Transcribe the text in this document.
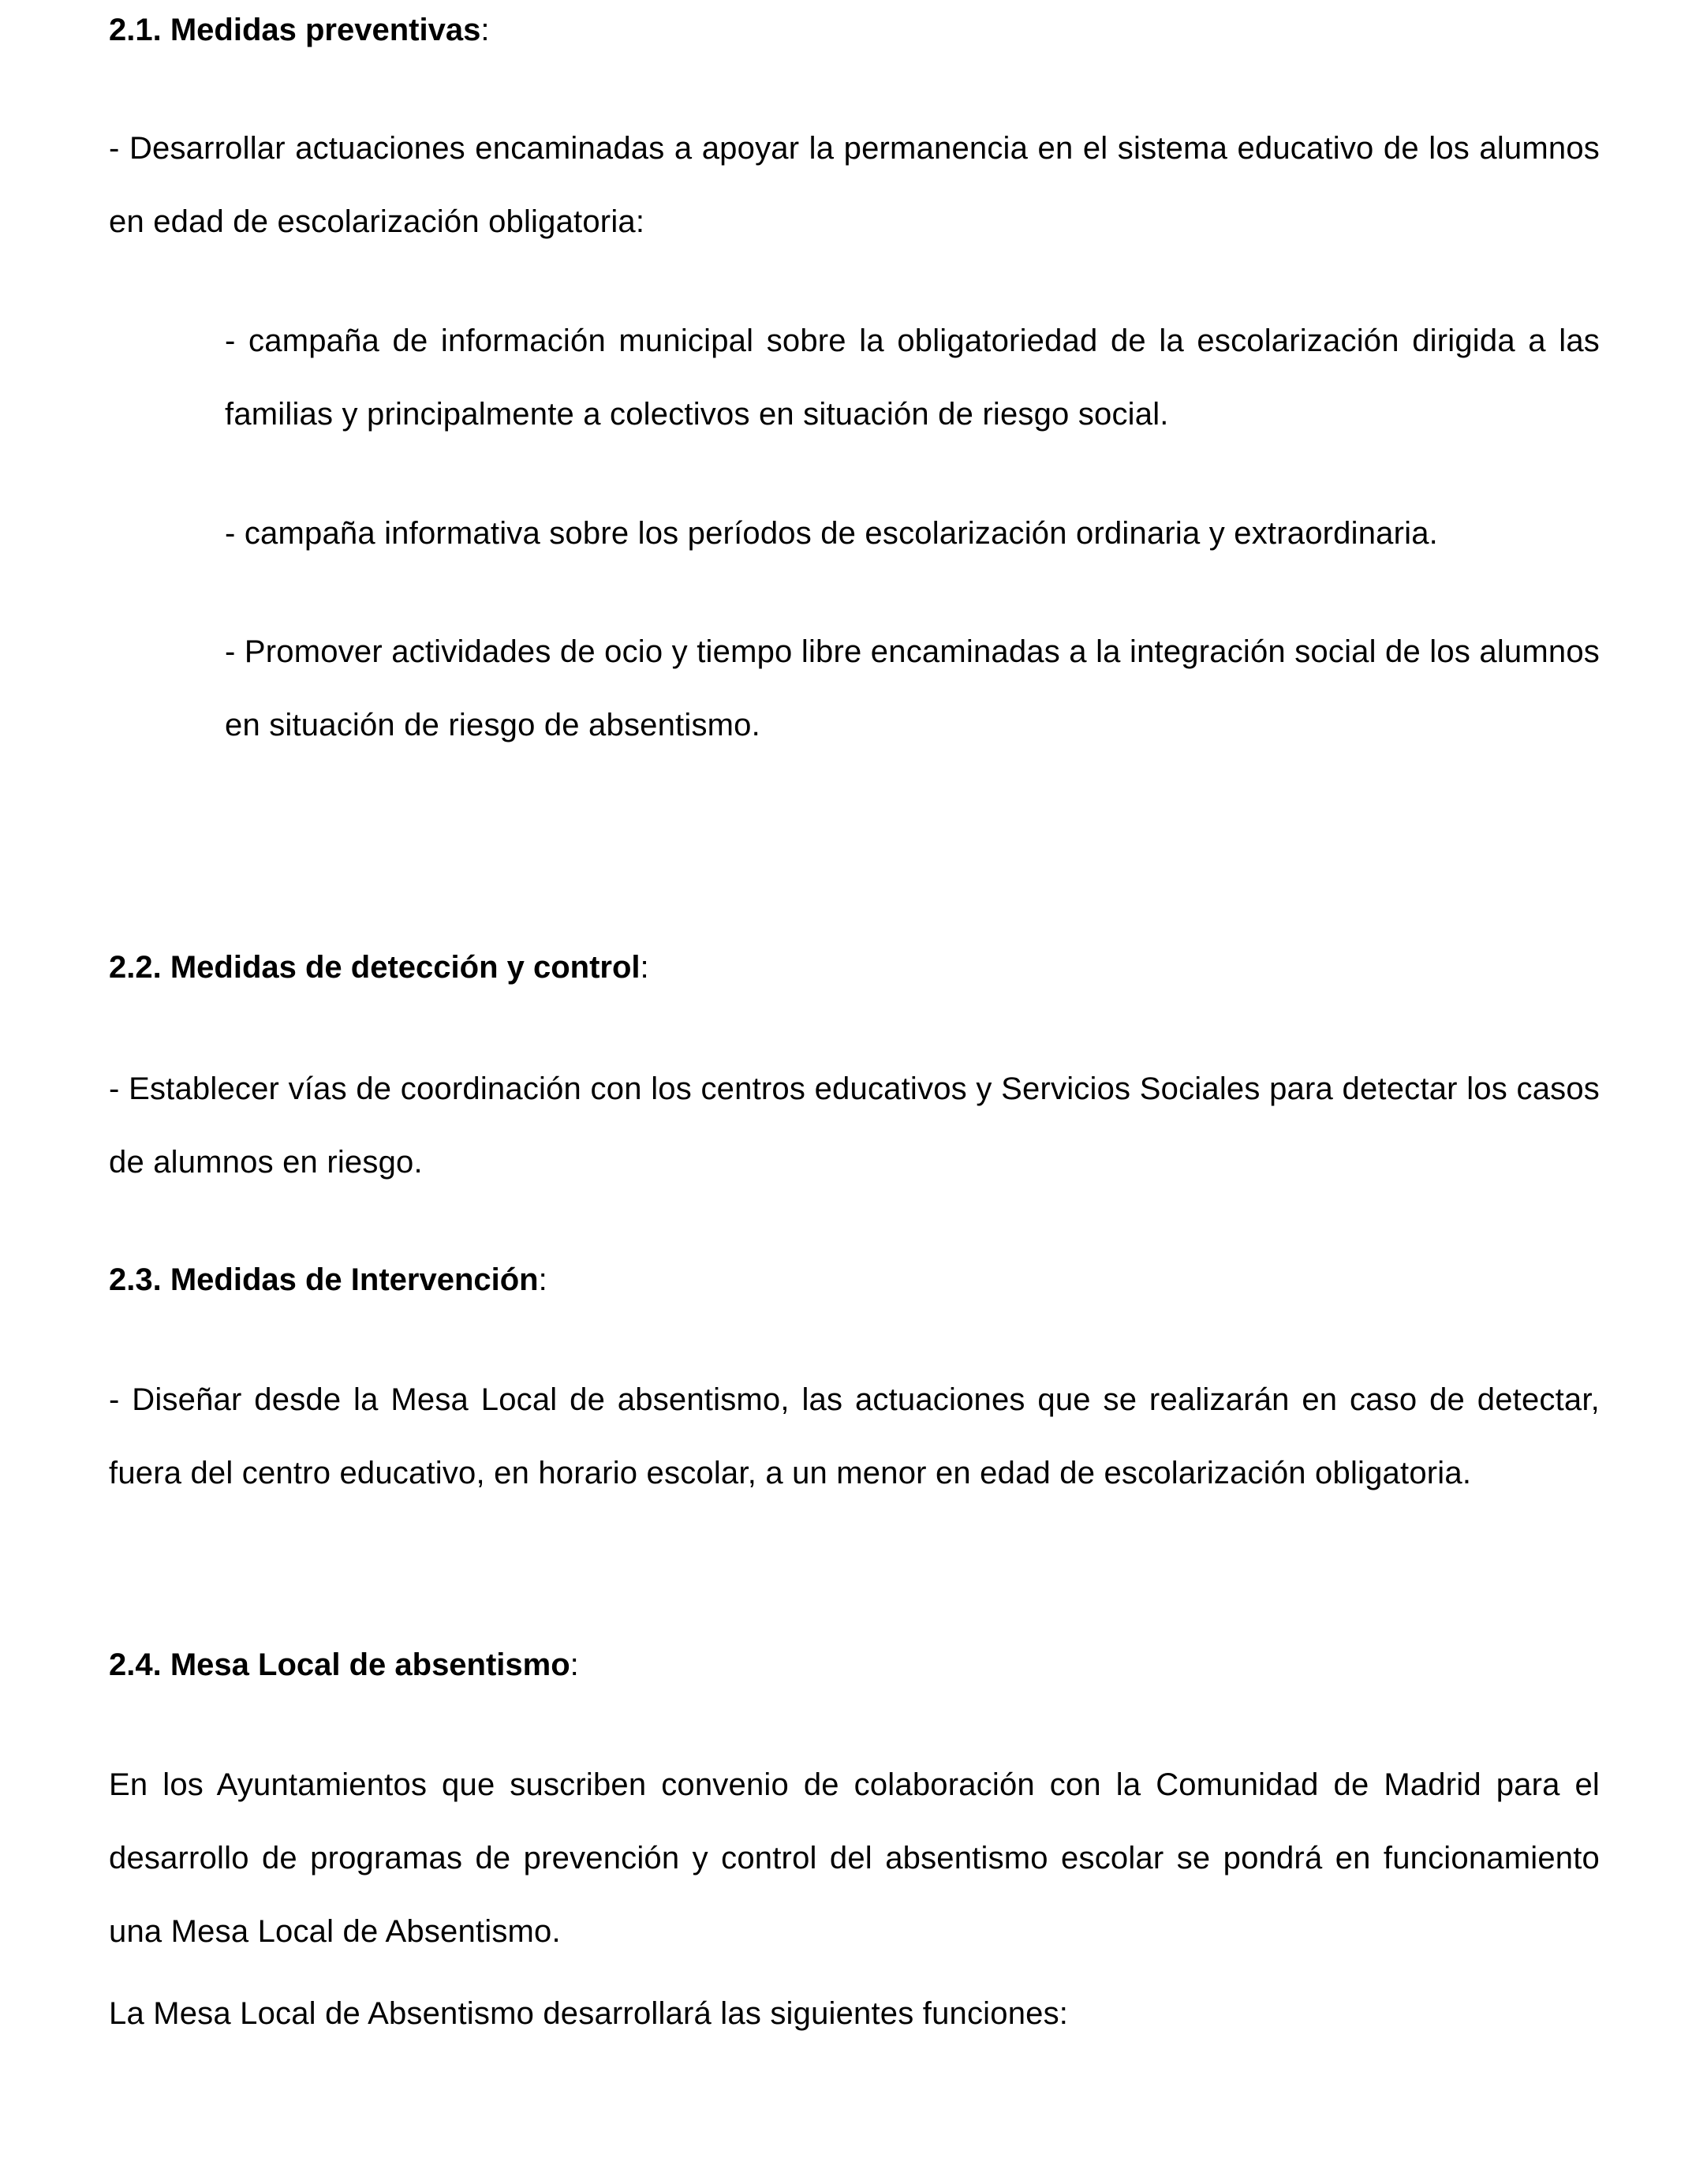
2.1. Medidas preventivas:

- Desarrollar actuaciones encaminadas a apoyar la permanencia en el sistema educativo de los alumnos en edad de escolarización obligatoria:

- campaña de información municipal sobre la obligatoriedad de la escolarización dirigida a las familias y principalmente a colectivos en situación de riesgo social.

- campaña informativa sobre los períodos de escolarización ordinaria y extraordinaria.

- Promover actividades de ocio y tiempo libre encaminadas a la integración social de los alumnos en situación de riesgo de absentismo.

2.2. Medidas de detección y control:

- Establecer vías de coordinación con los centros educativos y Servicios Sociales para detectar los casos de alumnos en riesgo.

2.3. Medidas de Intervención:

- Diseñar desde la Mesa Local de absentismo, las actuaciones que se realizarán en caso de detectar, fuera del centro educativo, en horario escolar, a un menor en edad de escolarización obligatoria.

2.4. Mesa Local de absentismo:

En los Ayuntamientos que suscriben convenio de colaboración con la Comunidad de Madrid para el desarrollo de programas de prevención y control del absentismo escolar se pondrá en funcionamiento una Mesa Local de Absentismo.

La Mesa Local de Absentismo desarrollará las siguientes funciones:
